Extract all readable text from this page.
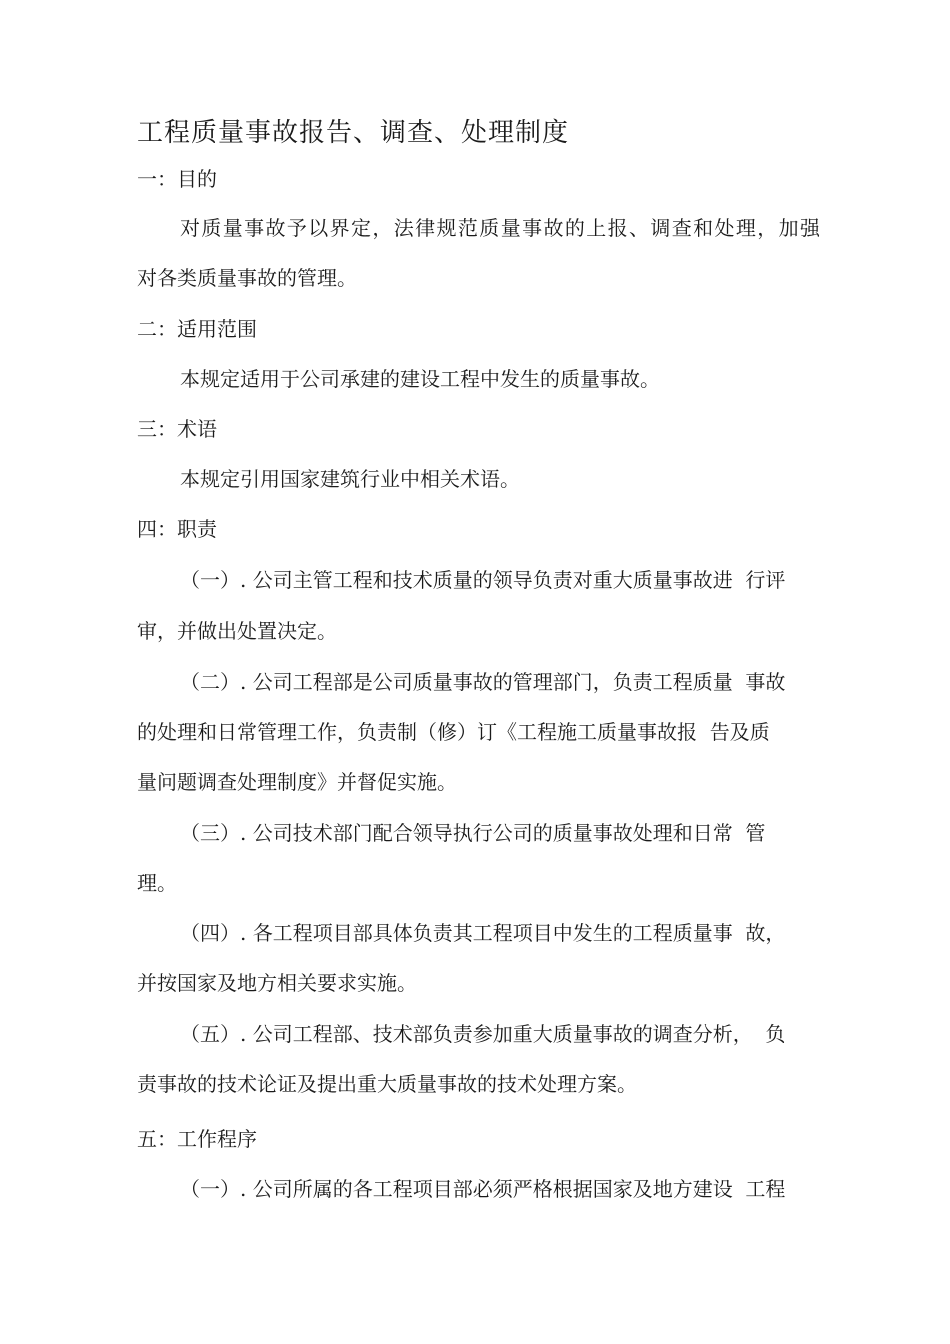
工程质量事故报告、调查、处理制度
一：目的
对质量事故予以界定，法律规范质量事故的上报、调查和处理，加强
对各类质量事故的管理。
二：适用范围
本规定适用于公司承建的建设工程中发生的质量事故。
三：术语
本规定引用国家建筑行业中相关术语。
四：职责
（一）. 公司主管工程和技术质量的领导负责对重大质量事故进  行评
审，并做出处置决定。
（二）. 公司工程部是公司质量事故的管理部门，负责工程质量  事故
的处理和日常管理工作，负责制（修）订《工程施工质量事故报  告及质
量问题调查处理制度》并督促实施。
（三）. 公司技术部门配合领导执行公司的质量事故处理和日常  管
理。
（四）. 各工程项目部具体负责其工程项目中发生的工程质量事  故，
并按国家及地方相关要求实施。
（五）. 公司工程部、技术部负责参加重大质量事故的调查分析，  负
责事故的技术论证及提出重大质量事故的技术处理方案。
五：工作程序
（一）. 公司所属的各工程项目部必须严格根据国家及地方建设  工程
